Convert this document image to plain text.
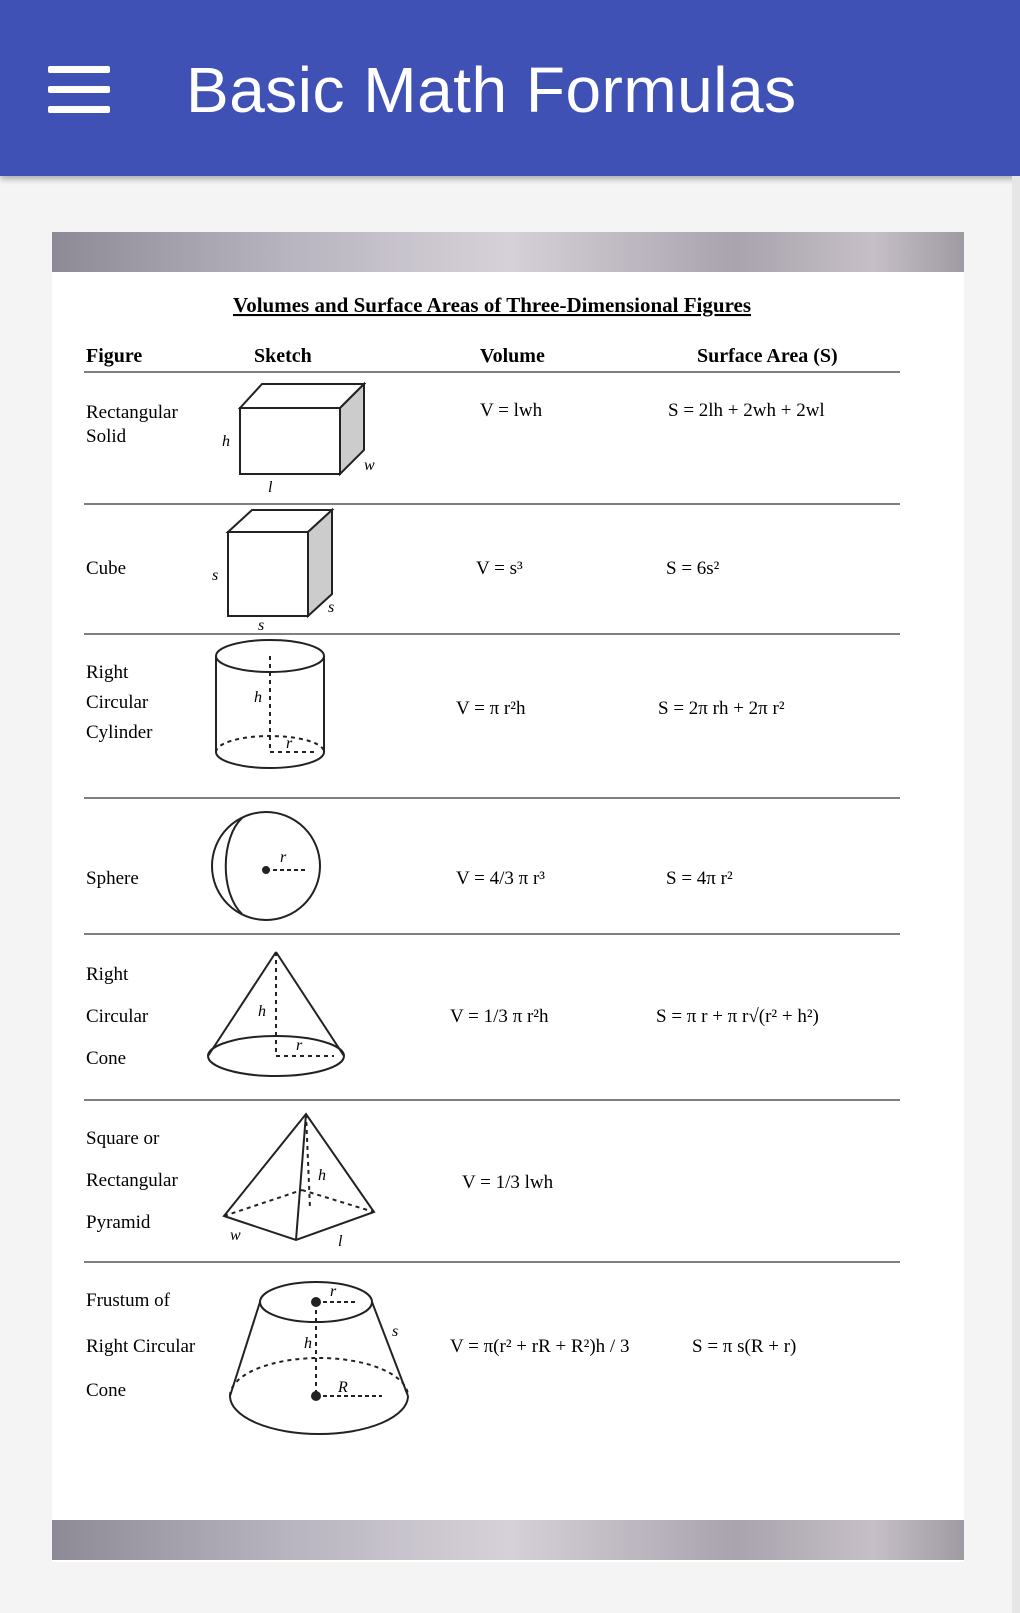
Basic Math Formulas
Volumes and Surface Areas of Three-Dimensional Figures
Figure	Sketch	Volume	Surface Area (S)
Rectangular
Solid	h
w
l
V = lwh	S = 2lh + 2wh + 2wl
Cube	s
s
s
V = s³	S = 6s²
Right
Circular
Cylinder
h
r
V = π r²h	S = 2π rh + 2π r²
Sphere
r
V = 4/3 π r³	S = 4π r²
Right
Circular
Cone
h
r
V = 1/3 π r²h	S = π r + π r√(r² + h²)
Square or
Rectangular
Pyramid
h
w	l
V = 1/3 lwh
Frustum of
Right Circular
Cone
r
h
s
R
V = π(r² + rR + R²)h / 3	S = π s(R + r)
